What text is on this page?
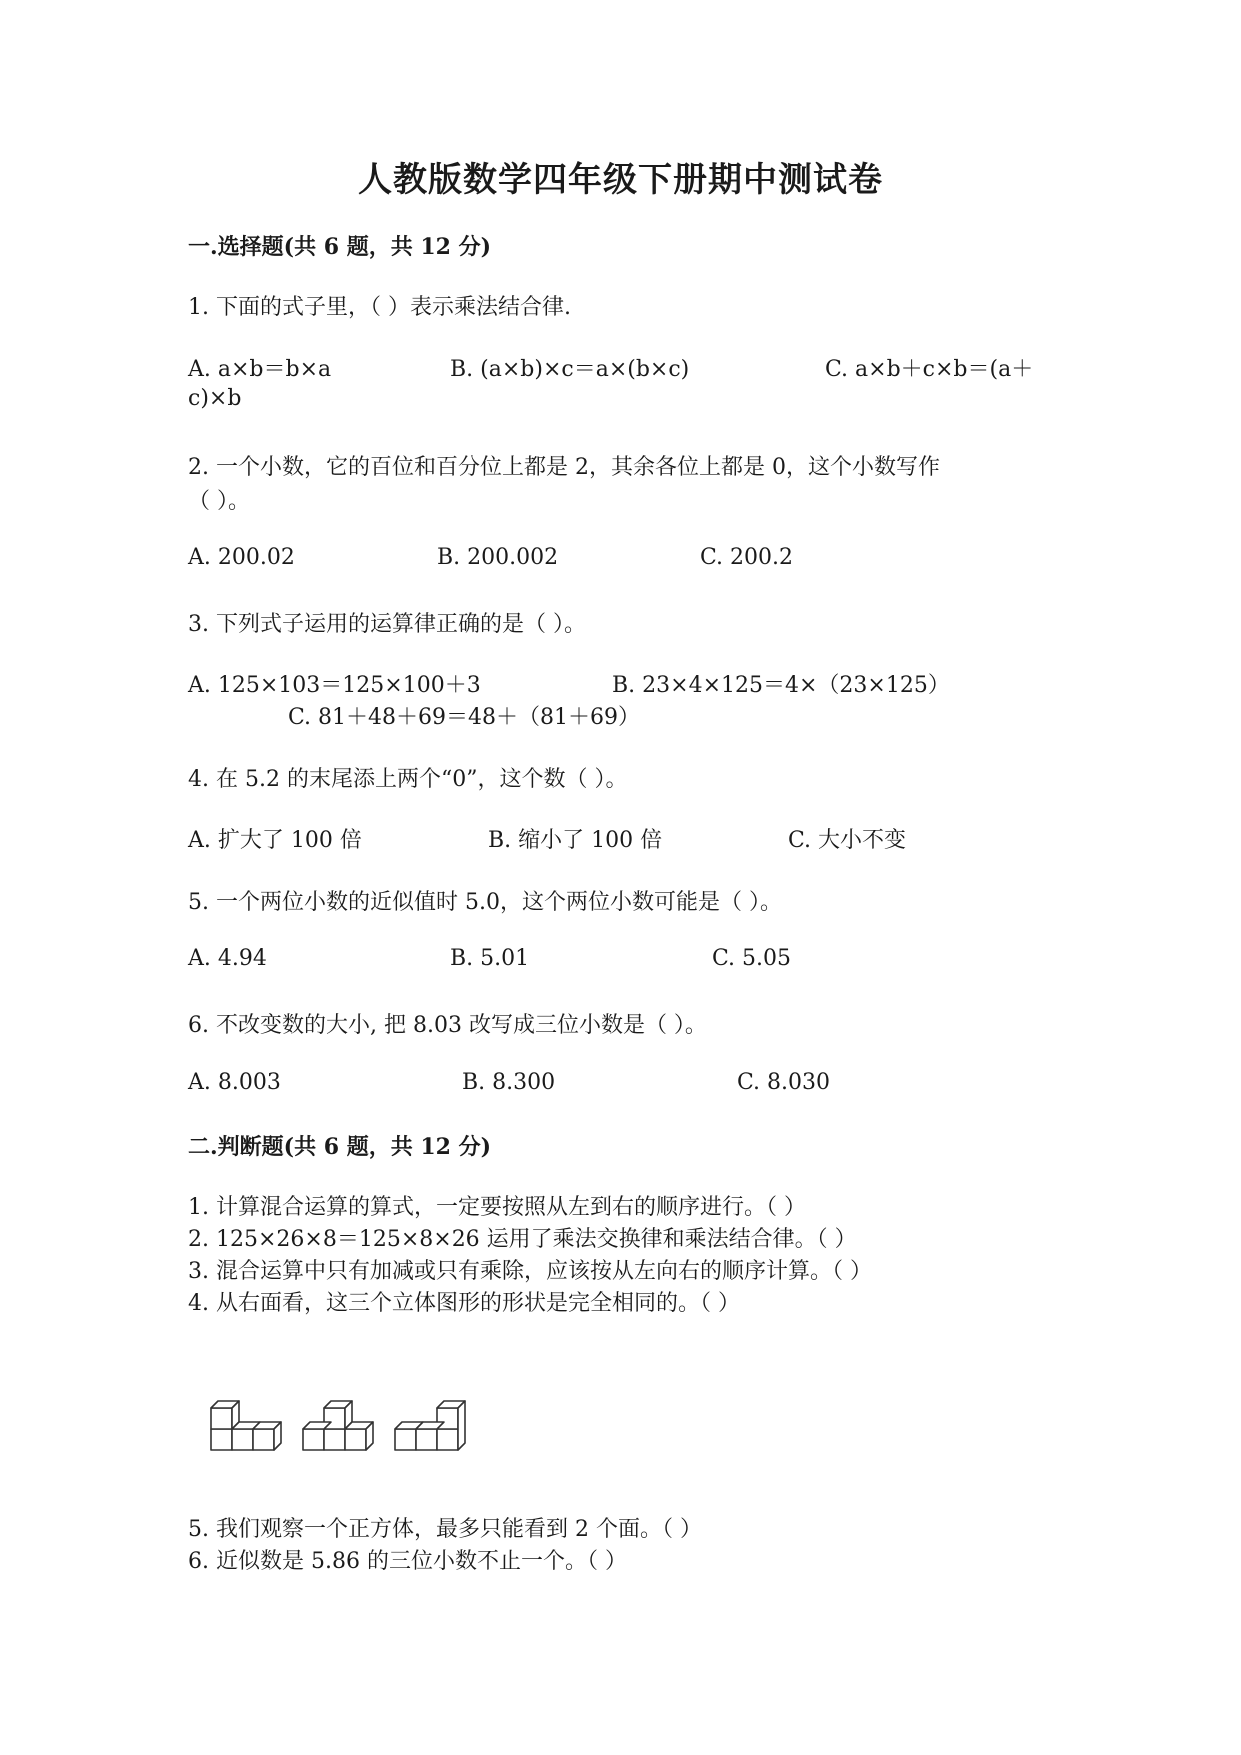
人教版数学四年级下册期中测试卷
一.选择题(共 6 题，共 12 分)
1. 下面的式子里，（ ）表示乘法结合律.
A. a×b＝b×a	B. (a×b)×c＝a×(b×c)	C. a×b＋c×b＝(a＋
c)×b
2. 一个小数，它的百位和百分位上都是 2，其余各位上都是 0，这个小数写作
（ ）。
A. 200.02	B. 200.002	C. 200.2
3. 下列式子运用的运算律正确的是（ ）。
A. 125×103＝125×100＋3	B. 23×4×125＝4×（23×125）
C. 81＋48＋69＝48＋（81＋69）
4. 在 5.2 的末尾添上两个“0”，这个数（ ）。
A. 扩大了 100 倍	B. 缩小了 100 倍	C. 大小不变
5. 一个两位小数的近似值时 5.0，这个两位小数可能是（ ）。
A. 4.94	B. 5.01	C. 5.05
6. 不改变数的大小, 把 8.03 改写成三位小数是（ ）。
A. 8.003	B. 8.300	C. 8.030
二.判断题(共 6 题，共 12 分)
1. 计算混合运算的算式，一定要按照从左到右的顺序进行。（ ）
2. 125×26×8＝125×8×26 运用了乘法交换律和乘法结合律。（ ）
3. 混合运算中只有加减或只有乘除，应该按从左向右的顺序计算。（ ）
4. 从右面看，这三个立体图形的形状是完全相同的。（ ）
5. 我们观察一个正方体，最多只能看到 2 个面。（ ）
6. 近似数是 5.86 的三位小数不止一个。（ ）
